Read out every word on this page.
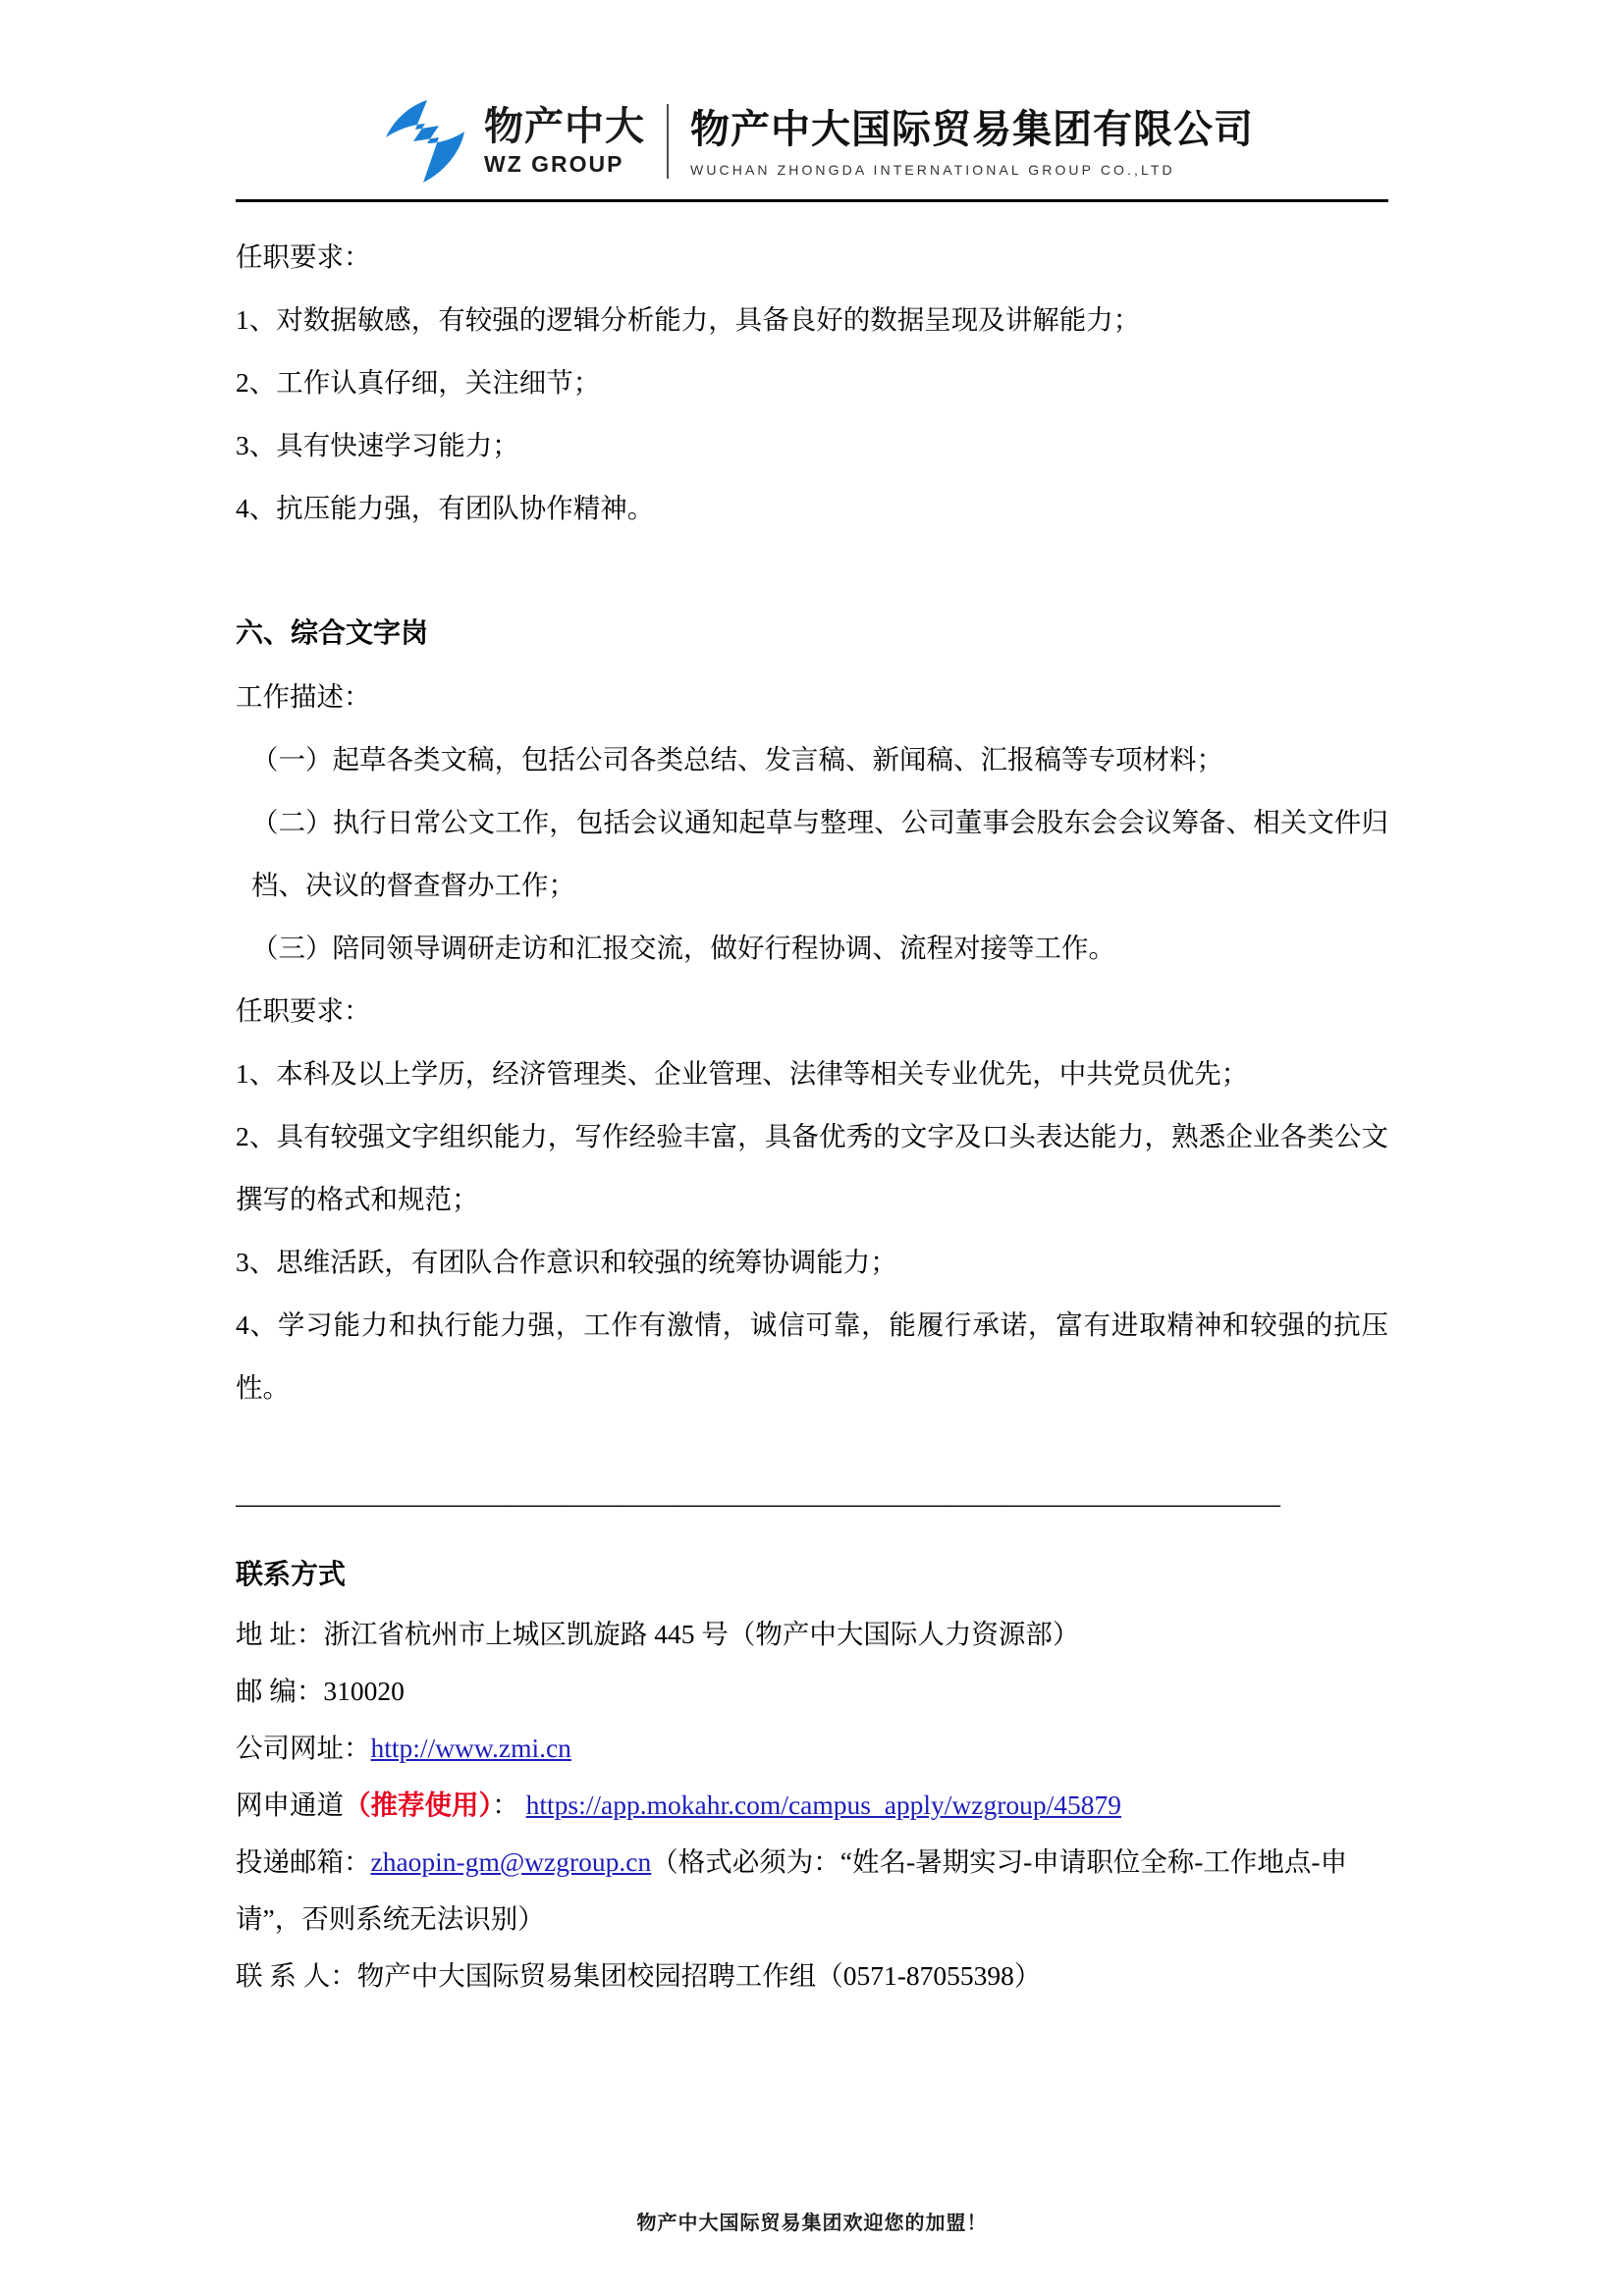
物产中大
WZ GROUP
物产中大国际贸易集团有限公司
WUCHAN ZHONGDA INTERNATIONAL GROUP CO.,LTD

任职要求：

1、对数据敏感，有较强的逻辑分析能力，具备良好的数据呈现及讲解能力；

2、工作认真仔细，关注细节；

3、具有快速学习能力；

4、抗压能力强，有团队协作精神。

六、综合文字岗

工作描述：

（一）起草各类文稿，包括公司各类总结、发言稿、新闻稿、汇报稿等专项材料；

（二）执行日常公文工作，包括会议通知起草与整理、公司董事会股东会会议筹备、相关文件归档、决议的督查督办工作；

（三）陪同领导调研走访和汇报交流，做好行程协调、流程对接等工作。

任职要求：

1、本科及以上学历，经济管理类、企业管理、法律等相关专业优先，中共党员优先；

2、具有较强文字组织能力，写作经验丰富，具备优秀的文字及口头表达能力，熟悉企业各类公文撰写的格式和规范；

3、思维活跃，有团队合作意识和较强的统筹协调能力；

4、学习能力和执行能力强，工作有激情，诚信可靠，能履行承诺，富有进取精神和较强的抗压性。

——————————————————————————————————————

联系方式

地 址：浙江省杭州市上城区凯旋路 445 号（物产中大国际人力资源部）

邮 编：310020

公司网址：http://www.zmi.cn

网申通道（推荐使用）： https://app.mokahr.com/campus_apply/wzgroup/45879

投递邮箱：zhaopin-gm@wzgroup.cn（格式必须为：“姓名-暑期实习-申请职位全称-工作地点-申请”，否则系统无法识别）

联 系 人：物产中大国际贸易集团校园招聘工作组（0571-87055398）

物产中大国际贸易集团欢迎您的加盟！
